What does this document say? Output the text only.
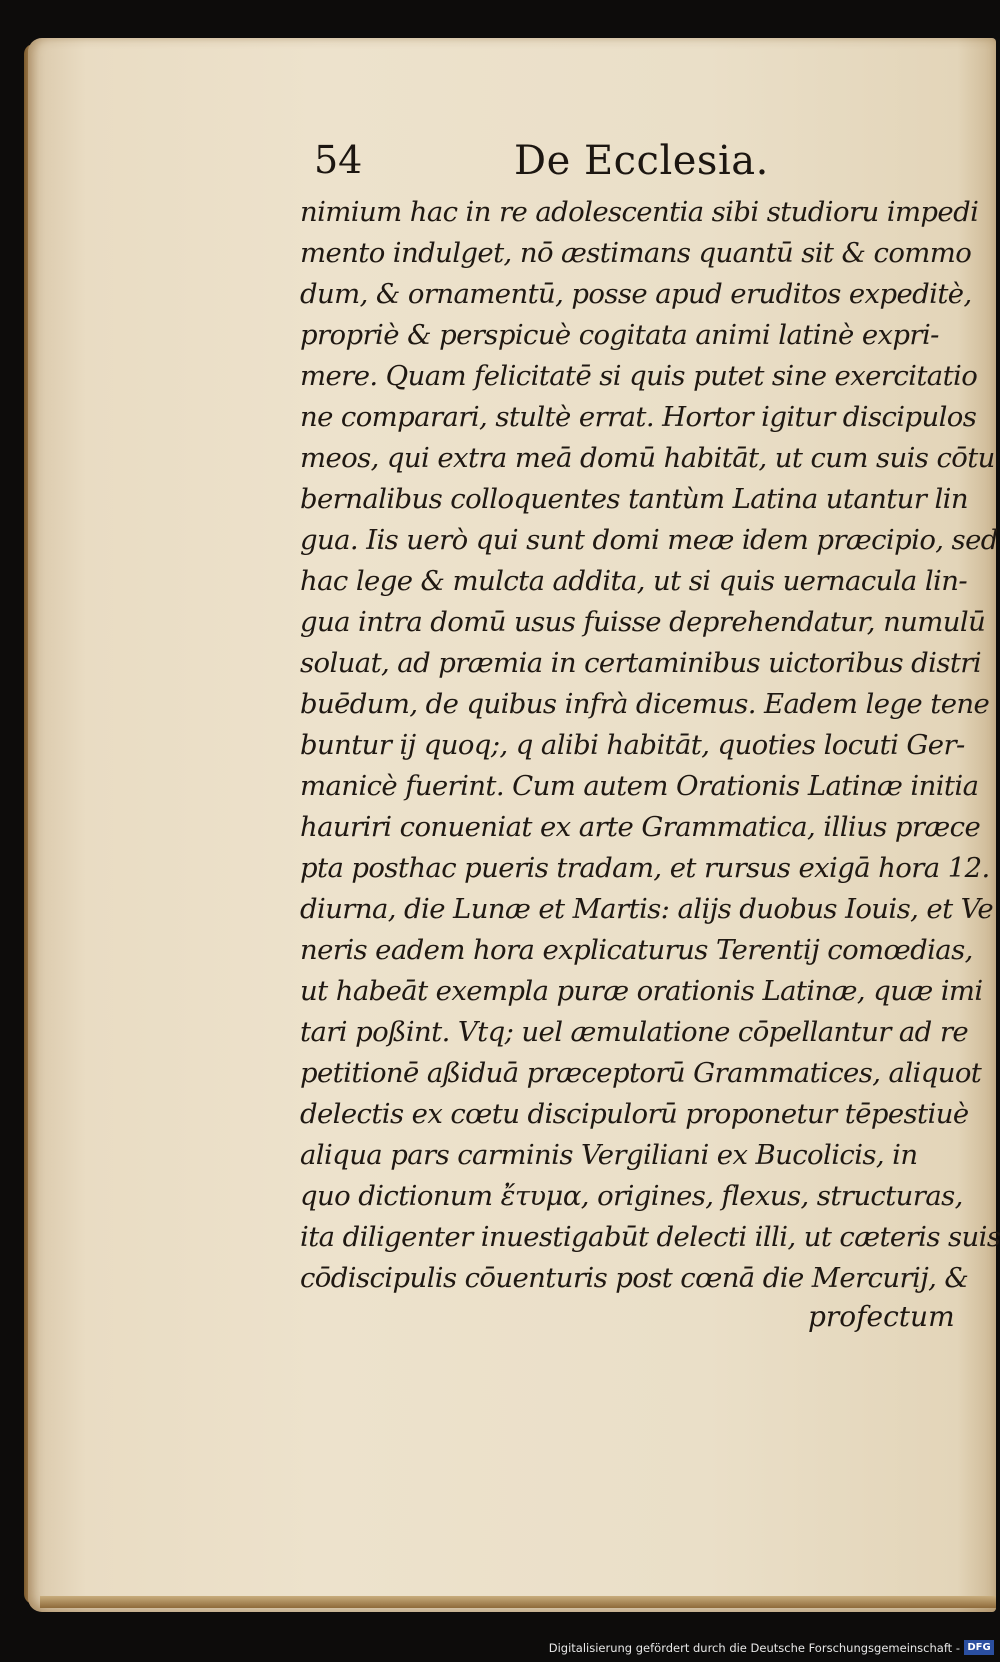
54	De Ecclesia.
nimium hac in re adolescentia sibi studioru impedi
mento indulget, nō æstimans quantū sit & commo
dum, & ornamentū, posse apud eruditos expeditè,
propriè & perspicuè cogitata animi latinè expri-
mere. Quam felicitatē si quis putet sine exercitatio
ne comparari, stultè errat. Hortor igitur discipulos
meos, qui extra meā domū habitāt, ut cum suis cōtu
bernalibus colloquentes tantùm Latina utantur lin
gua. Iis uerò qui sunt domi meæ idem præcipio, sed
hac lege & mulcta addita, ut si quis uernacula lin-
gua intra domū usus fuisse deprehendatur, numulū
soluat, ad præmia in certaminibus uictoribus distri
buēdum, de quibus infrà dicemus. Eadem lege tene
buntur ij quoq;, q alibi habitāt, quoties locuti Ger-
manicè fuerint. Cum autem Orationis Latinæ initia
hauriri conueniat ex arte Grammatica, illius præce
pta posthac pueris tradam, et rursus exigā hora 12.
diurna, die Lunæ et Martis: alijs duobus Iouis, et Ve
neris eadem hora explicaturus Terentij comœdias,
ut habeāt exempla puræ orationis Latinæ, quæ imi
tari poßint. Vtq; uel æmulatione cōpellantur ad re
petitionē aßiduā præceptorū Grammatices, aliquot
delectis ex cœtu discipulorū proponetur tēpestiuè
aliqua pars carminis Vergiliani ex Bucolicis, in
quo dictionum ἔτυμα, origines, flexus, structuras,
ita diligenter inuestigabūt delecti illi, ut cæteris suis
cōdiscipulis cōuenturis post cœnā die Mercurij, &
profectum
Digitalisierung gefördert durch die Deutsche Forschungsgemeinschaft - DFG
